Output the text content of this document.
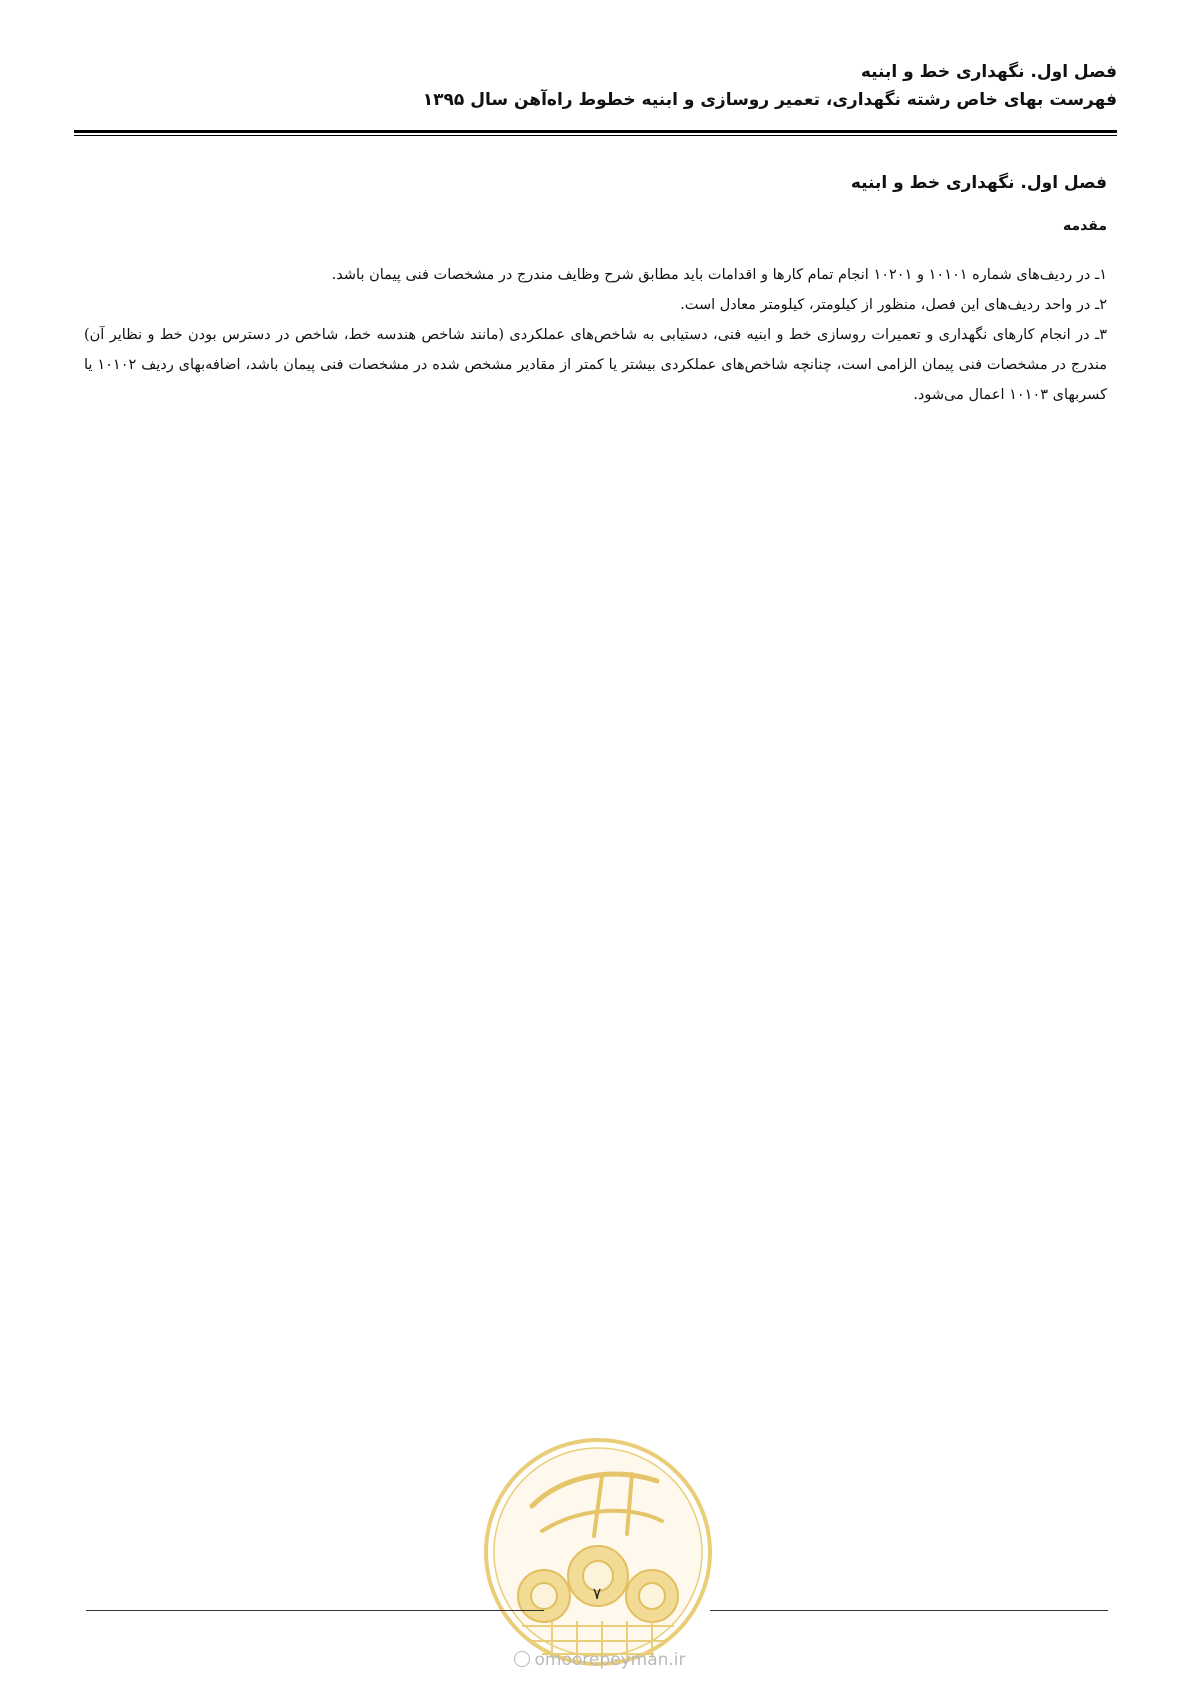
فصل اول. نگهداری خط و ابنیه
فهرست بهای خاص رشته نگهداری، تعمیر روسازی و ابنیه خطوط راه‌آهن سال ۱۳۹۵
فصل اول. نگهداری خط و ابنیه
مقدمه

۱ـ در ردیف‌های شماره ۱۰۱۰۱ و ۱۰۲۰۱ انجام تمام کارها و اقدامات باید مطابق شرح وظایف مندرج در مشخصات فنی پیمان باشد.

۲ـ در واحد ردیف‌های این فصل، منظور از کیلومتر، کیلومتر معادل است.

۳ـ در انجام کارهای نگهداری و تعمیرات روسازی خط و ابنیه فنی، دستیابی به شاخص‌های عملکردی (مانند شاخص هندسه خط، شاخص در دسترس بودن خط و نظایر آن) مندرج در مشخصات فنی پیمان الزامی است، چنانچه شاخص‌های عملکردی بیشتر یا کمتر از مقادیر مشخص شده در مشخصات فنی پیمان باشد، اضافه‌بهای ردیف ۱۰۱۰۲ یا کسربهای ۱۰۱۰۳ اعمال می‌شود.

۷
omoorepeyman.ir
